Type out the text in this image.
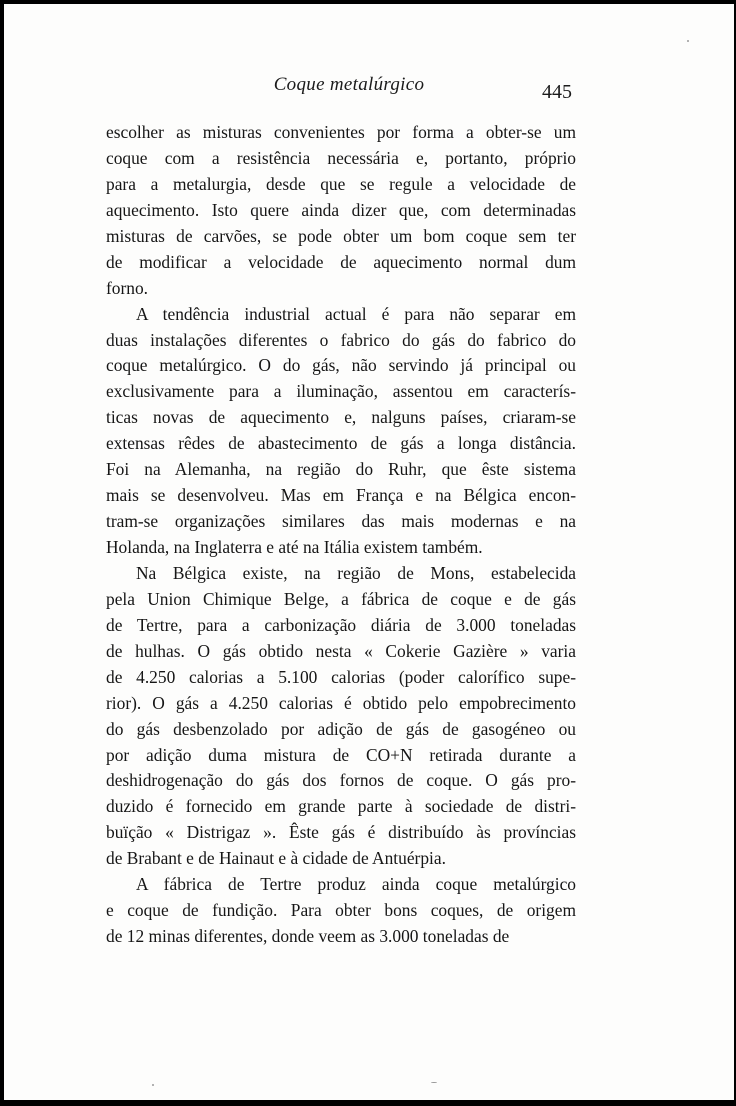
Coque metalúrgico	445
escolher as misturas convenientes por forma a obter-se um
coque com a resistência necessária e, portanto, próprio
para a metalurgia, desde que se regule a velocidade de
aquecimento. Isto quere ainda dizer que, com determinadas
misturas de carvões, se pode obter um bom coque sem ter
de modificar a velocidade de aquecimento normal dum
forno.
A tendência industrial actual é para não separar em
duas instalações diferentes o fabrico do gás do fabrico do
coque metalúrgico. O do gás, não servindo já principal ou
exclusivamente para a iluminação, assentou em caracterís-
ticas novas de aquecimento e, nalguns países, criaram-se
extensas rêdes de abastecimento de gás a longa distância.
Foi na Alemanha, na região do Ruhr, que êste sistema
mais se desenvolveu. Mas em França e na Bélgica encon-
tram-se organizações similares das mais modernas e na
Holanda, na Inglaterra e até na Itália existem também.
Na Bélgica existe, na região de Mons, estabelecida
pela Union Chimique Belge, a fábrica de coque e de gás
de Tertre, para a carbonização diária de 3.000 toneladas
de hulhas. O gás obtido nesta « Cokerie Gazière » varia
de 4.250 calorias a 5.100 calorias (poder calorífico supe-
rior). O gás a 4.250 calorias é obtido pelo empobrecimento
do gás desbenzolado por adição de gás de gasogéneo ou
por adição duma mistura de CO+N retirada durante a
deshidrogenação do gás dos fornos de coque. O gás pro-
duzido é fornecido em grande parte à sociedade de distri-
buïção « Distrigaz ». Êste gás é distribuído às províncias
de Brabant e de Hainaut e à cidade de Antuérpia.
A fábrica de Tertre produz ainda coque metalúrgico
e coque de fundição. Para obter bons coques, de origem
de 12 minas diferentes, donde veem as 3.000 toneladas de
